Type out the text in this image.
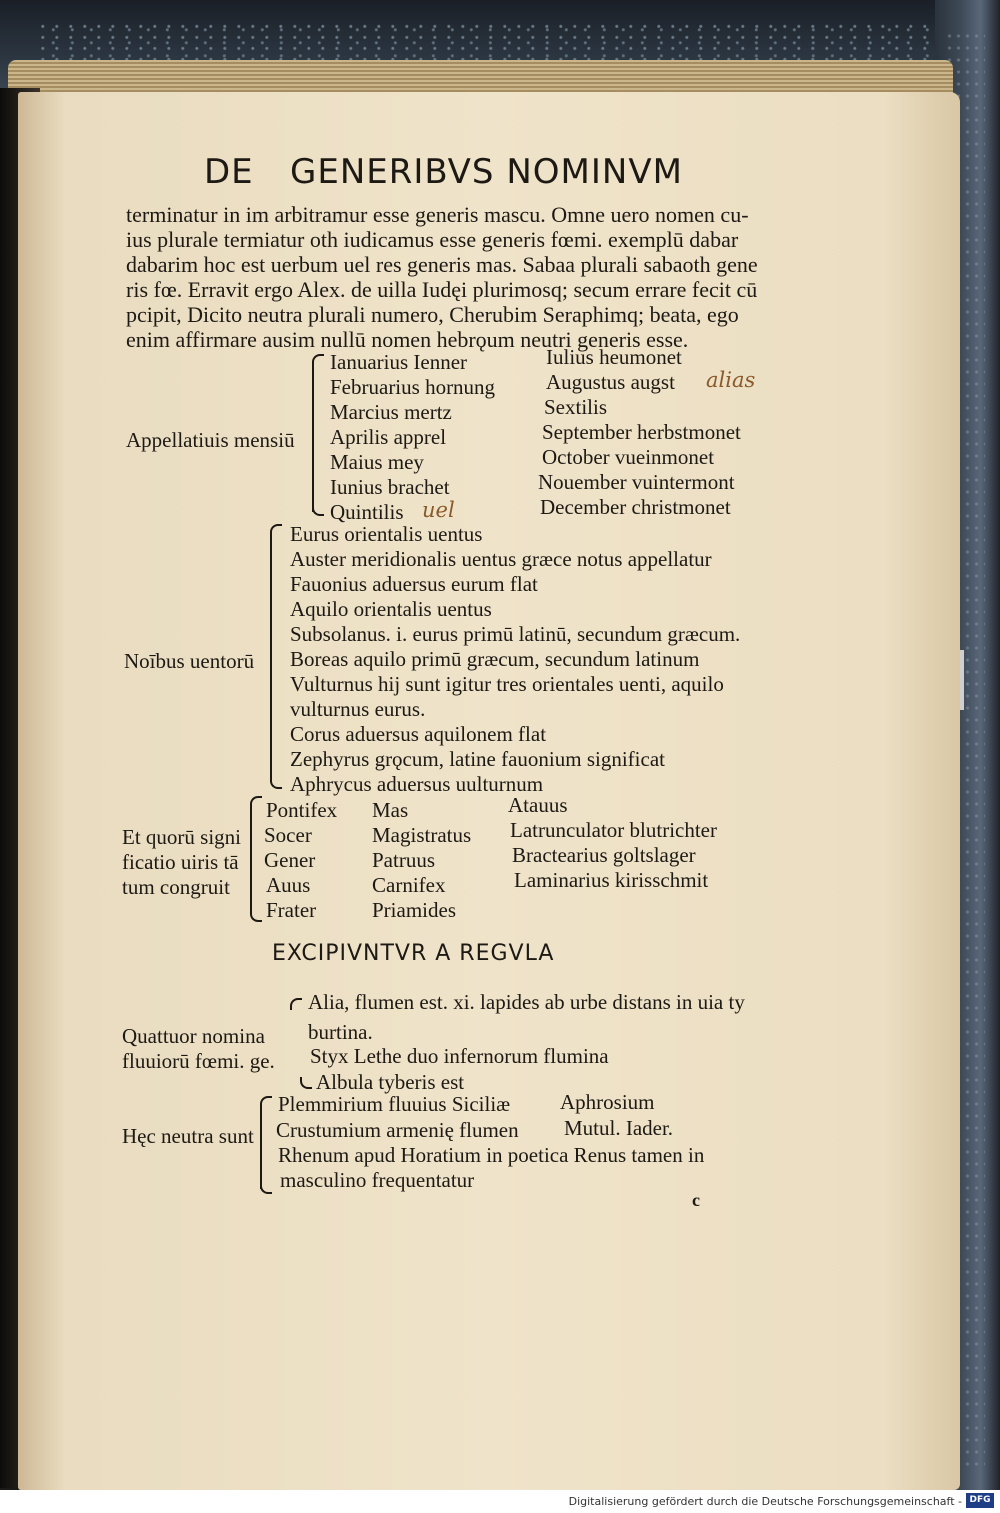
DE GENERIBVS NOMINVM
terminatur in im arbitramur esse generis mascu. Omne uero nomen cu-
ius plurale termiatur oth iudicamus esse generis fœmi. exemplū dabar
dabarim hoc est uerbum uel res generis mas. Sabaa plurali sabaoth gene
ris fœ. Erravit ergo Alex. de uilla Iudęi plurimosq; secum errare fecit cū
pcipit, Dicito neutra plurali numero, Cherubim Seraphimq; beata, ego
enim affirmare ausim nullū nomen hebrǫum neutri generis esse.
Appellatiuis mensiū
Ianuarius Ienner
Februarius hornung
Marcius mertz
Aprilis apprel
Maius mey
Iunius brachet
Quintilis uel
Iulius heumonet
Augustus augst alias
Sextilis
September herbstmonet
October vueinmonet
Nouember vuintermont
December christmonet
Noībus uentorū
Eurus orientalis uentus
Auster meridionalis uentus græce notus appellatur
Fauonius aduersus eurum flat
Aquilo orientalis uentus
Subsolanus. i. eurus primū latinū, secundum græcum.
Boreas aquilo primū græcum, secundum latinum
Vulturnus hij sunt igitur tres orientales uenti, aquilo
vulturnus eurus.
Corus aduersus aquilonem flat
Zephyrus grǫcum, latine fauonium significat
Aphrycus aduersus uulturnum
Et quorū signi
ficatio uiris tā
tum congruit
Pontifex
Socer
Gener
Auus
Frater
Mas
Magistratus
Patruus
Carnifex
Priamides
Atauus
Latrunculator blutrichter
Bractearius goltslager
Laminarius kirisschmit
EXCIPIVNTVR A REGVLA
Quattuor nomina
fluuiorū fœmi. ge.
Alia, flumen est. xi. lapides ab urbe distans in uia ty
burtina.
Styx Lethe duo infernorum flumina
Albula tyberis est
Hęc neutra sunt
Plemmirium fluuius Siciliæ
Crustumium armenię flumen
Rhenum apud Horatium in poetica Renus tamen in
masculino frequentatur
Aphrosium
Mutul. Iader.
c
Digitalisierung gefördert durch die Deutsche Forschungsgemeinschaft - DFG
